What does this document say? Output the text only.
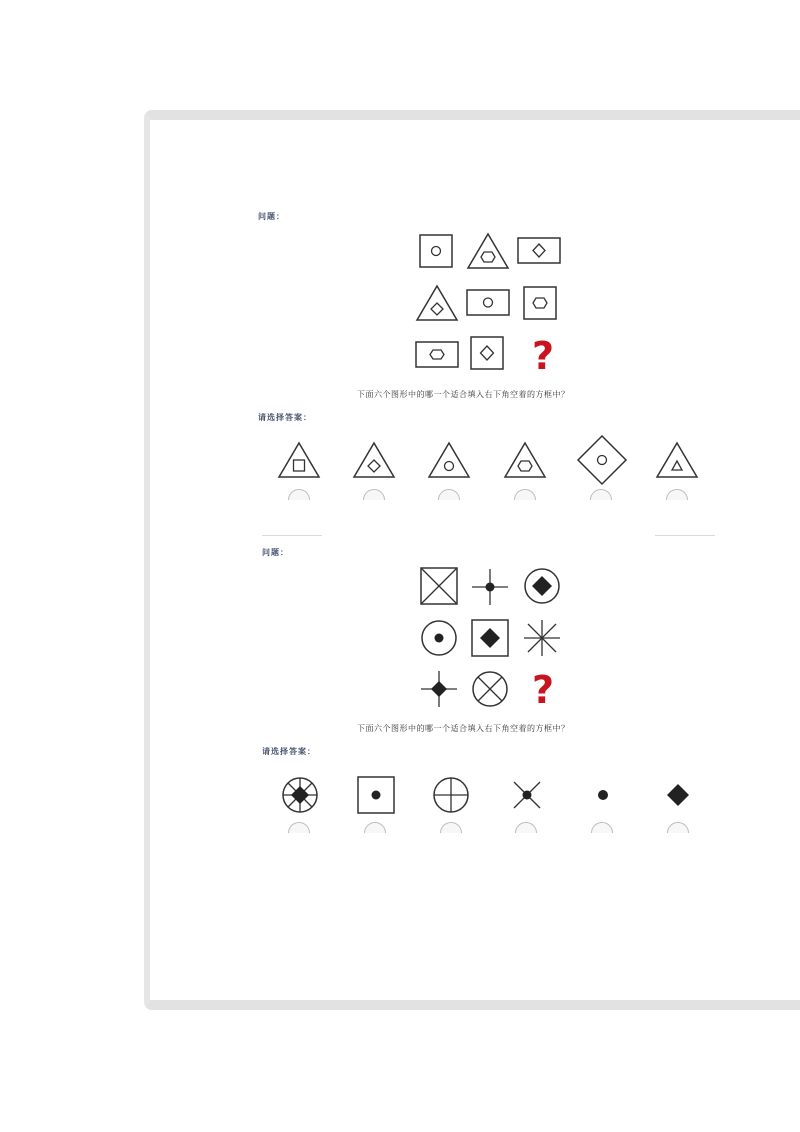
问题：
?
下面六个图形中的哪一个适合填入右下角空着的方框中？
请选择答案：
问题：
?
下面六个图形中的哪一个适合填入右下角空着的方框中？
请选择答案：
